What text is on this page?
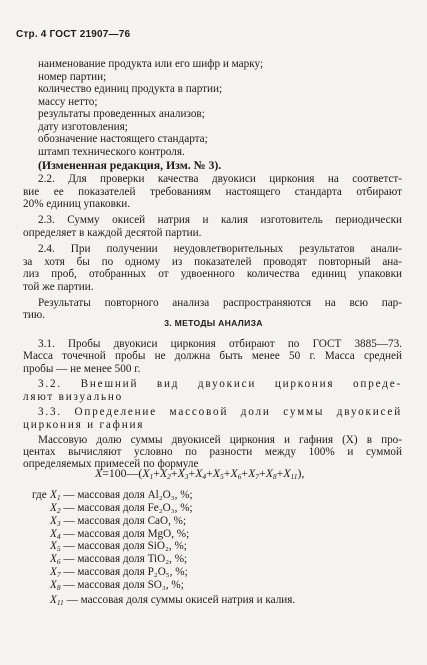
Стр. 4 ГОСТ 21907—76
наименование продукта или его шифр и марку;
номер партии;
количество единиц продукта в партии;
массу нетто;
результаты проведенных анализов;
дату изготовления;
обозначение настоящего стандарта;
штамп технического контроля.
(Измененная редакция, Изм. № 3).
2.2. Для проверки качества двуокиси циркония на соответст-
вие ее показателей требованиям настоящего стандарта отбирают
20% единиц упаковки.
2.3. Сумму окисей натрия и калия изготовитель периодически
определяет в каждой десятой партии.
2.4. При получении неудовлетворительных результатов анали-
за хотя бы по одному из показателей проводят повторный ана-
лиз проб, отобранных от удвоенного количества единиц упаковки
той же партии.
Результаты повторного анализа распространяются на всю пар-
тию.
3. МЕТОДЫ АНАЛИЗА
3.1. Пробы двуокиси циркония отбирают по ГОСТ 3885—73.
Масса точечной пробы не должна быть менее 50 г. Масса средней
пробы — не менее 500 г.
3.2. Внешний вид двуокиси циркония опреде-
ляют визуально
3.3. Определение массовой доли суммы двуокисей
циркония и гафния
Массовую долю суммы двуокисей циркония и гафния (X) в про-
центах вычисляют условно по разности между 100% и суммой
определяемых примесей по формуле
$X=100—(X_1+X_2+X_3+X_4+X_5+X_6+X_7+X_8+X_{11})$,
где $X_1$ — массовая доля Al₂O₃, %;
$X_2$ — массовая доля Fe₂O₃, %;
$X_3$ — массовая доля CaO, %;
$X_4$ — массовая доля MgO, %;
$X_5$ — массовая доля SiO₂, %;
$X_6$ — массовая доля TiO₂, %;
$X_7$ — массовая доля P₂O₅, %;
$X_8$ — массовая доля SO₃, %;
$X_{11}$ — массовая доля суммы окисей натрия и калия.
